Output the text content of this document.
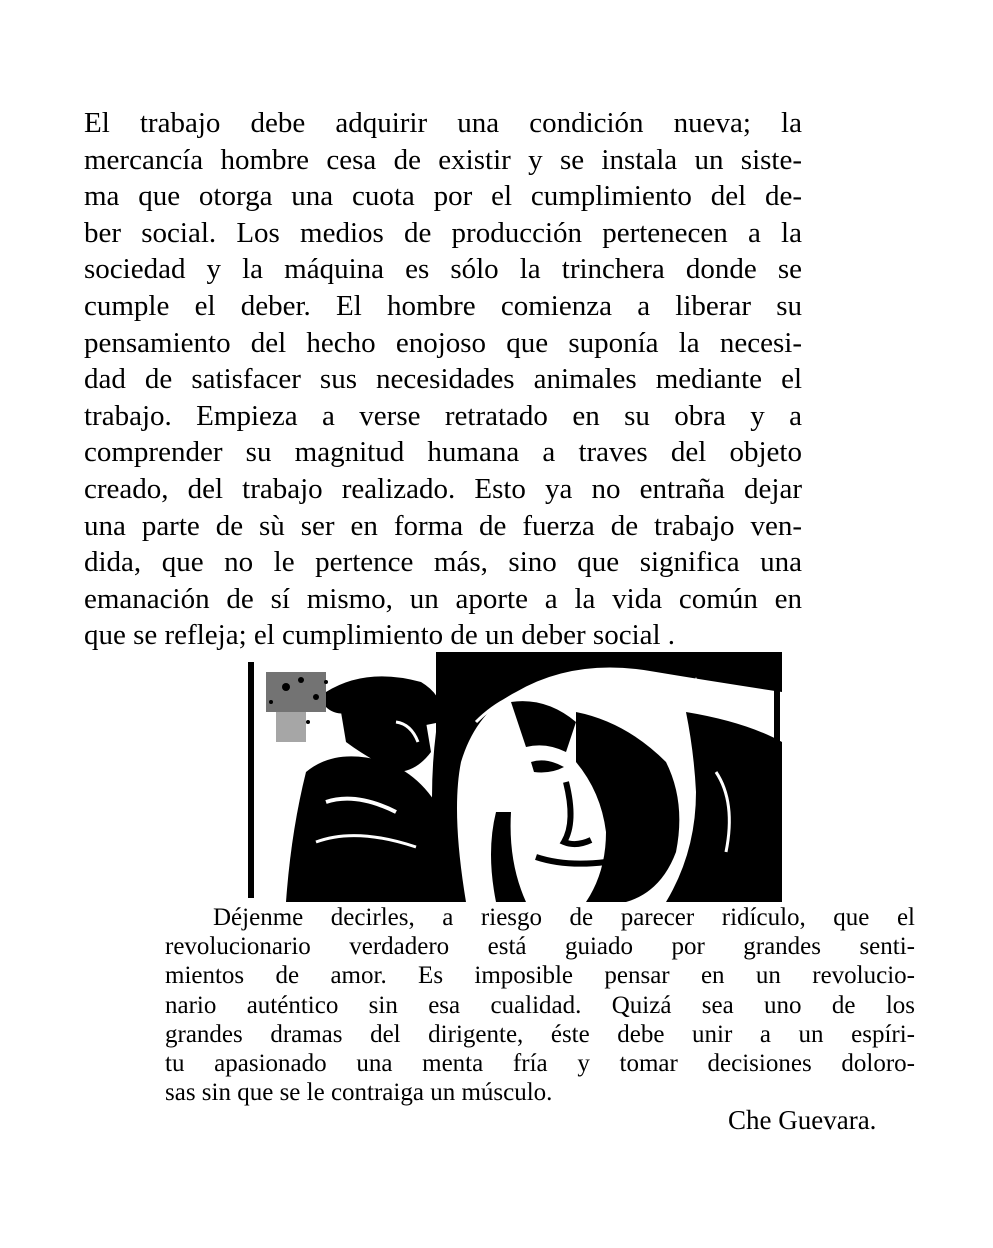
El trabajo debe adquirir una condición nueva; la
mercancía hombre cesa de existir y se instala un siste-
ma que otorga una cuota por el cumplimiento del de-
ber social. Los medios de producción pertenecen a la
sociedad y la máquina es sólo la trinchera donde se
cumple el deber. El hombre comienza a liberar su
pensamiento del hecho enojoso que suponía la necesi-
dad de satisfacer sus necesidades animales mediante el
trabajo. Empieza a verse retratado en su obra y a
comprender su magnitud humana a traves del objeto
creado, del trabajo realizado. Esto ya no entraña dejar
una parte de sù ser en forma de fuerza de trabajo ven-
dida, que no le pertence más, sino que significa una
emanación de sí mismo, un aporte a la vida común en
que se refleja; el cumplimiento de un deber social .
Déjenme decirles, a riesgo de parecer ridículo, que el
revolucionario verdadero está guiado por grandes senti-
mientos de amor. Es imposible pensar en un revolucio-
nario auténtico sin esa cualidad. Quizá sea uno de los
grandes dramas del dirigente, éste debe unir a un espíri-
tu apasionado una menta fría y tomar decisiones doloro-
sas sin que se le contraiga un músculo.
Che Guevara.
